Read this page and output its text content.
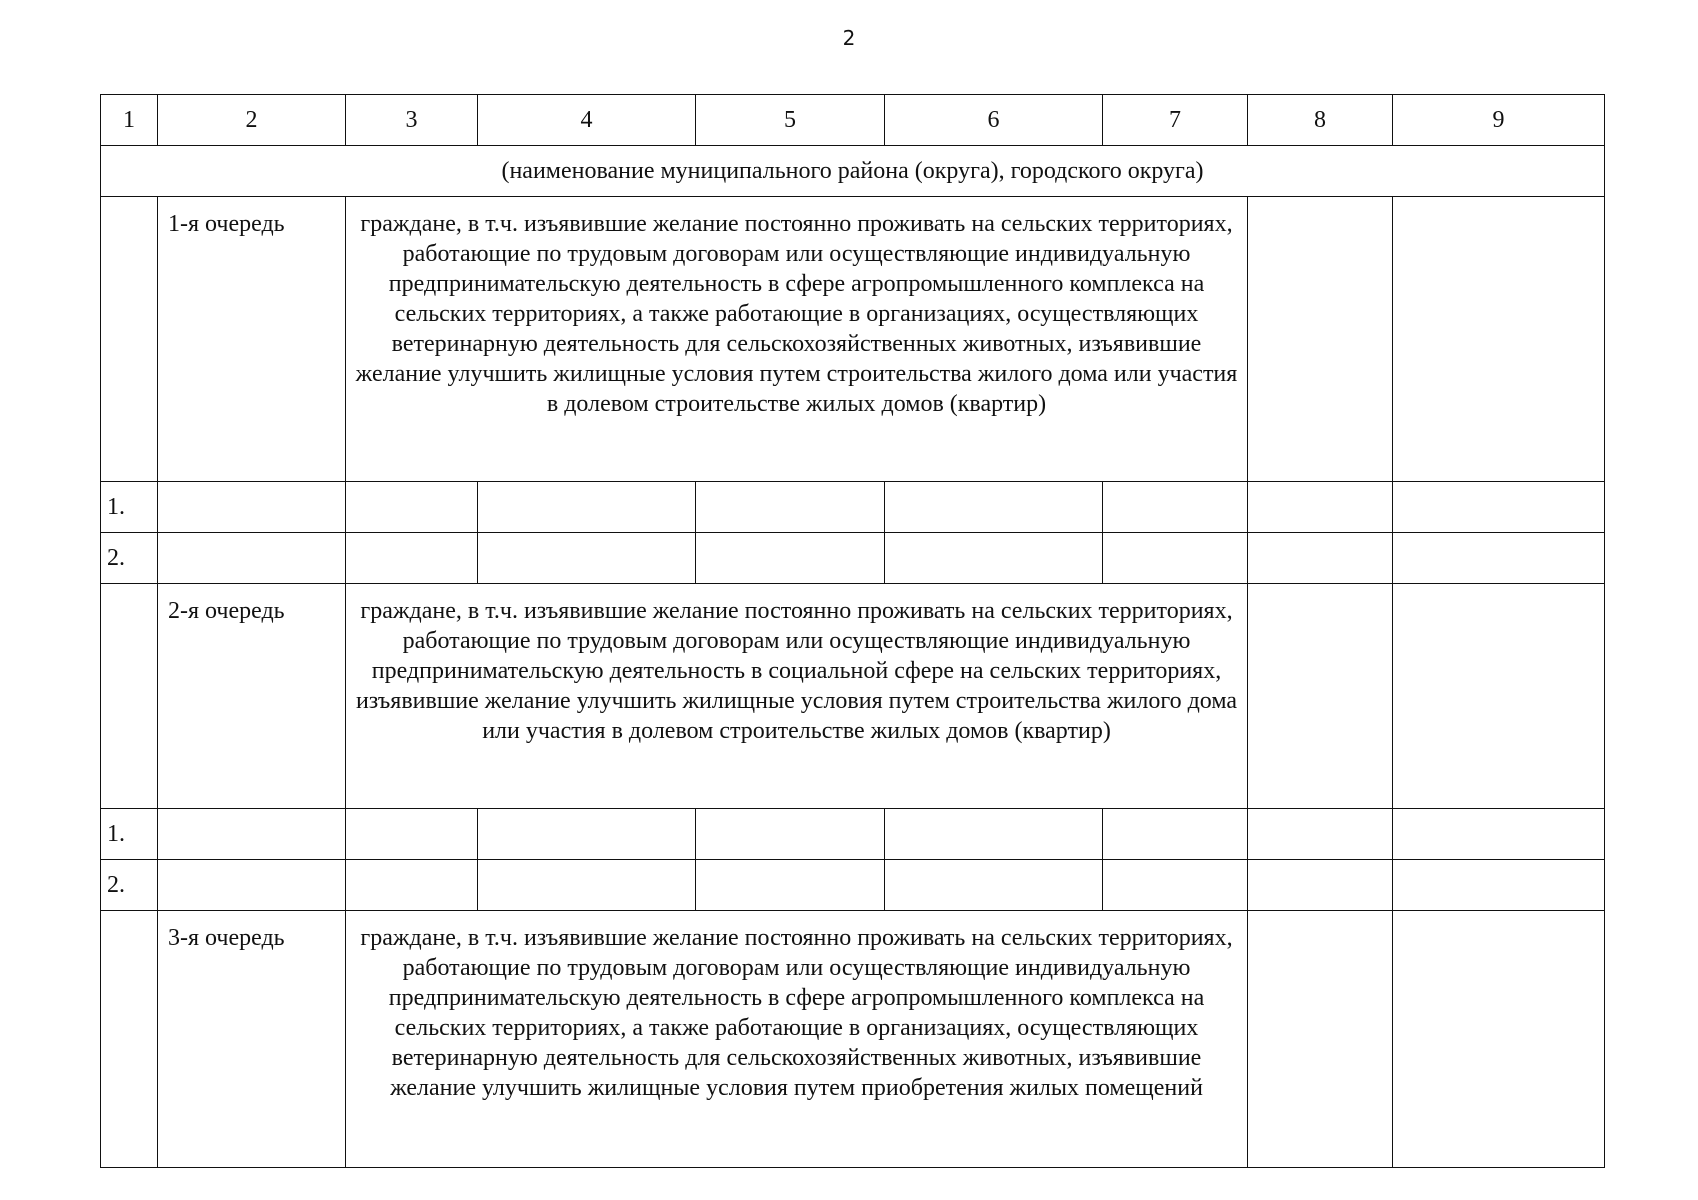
2
1	2	3	4	5	6	7	8	9
(наименование муниципального района (округа), городского округа)								
	1-я очередь	граждане, в т.ч. изъявившие желание постоянно проживать на сельских территориях, работающие по трудовым договорам или осуществляющие индивидуальную предпринимательскую деятельность в сфере агропромышленного комплекса на сельских территориях, а также работающие в организациях, осуществляющих ветеринарную деятельность для сельскохозяйственных животных, изъявившие желание улучшить жилищные условия путем строительства жилого дома или участия в долевом строительстве жилых домов (квартир)						
1.								
2.								
	2-я очередь	граждане, в т.ч. изъявившие желание постоянно проживать на сельских территориях, работающие по трудовым договорам или осуществляющие индивидуальную предпринимательскую деятельность в социальной сфере на сельских территориях, изъявившие желание улучшить жилищные условия путем строительства жилого дома или участия в долевом строительстве жилых домов (квартир)						
1.								
2.								
	3-я очередь	граждане, в т.ч. изъявившие желание постоянно проживать на сельских территориях, работающие по трудовым договорам или осуществляющие индивидуальную предпринимательскую деятельность в сфере агропромышленного комплекса на сельских территориях, а также работающие в организациях, осуществляющих ветеринарную деятельность для сельскохозяйственных животных, изъявившие желание улучшить жилищные условия путем приобретения жилых помещений						
